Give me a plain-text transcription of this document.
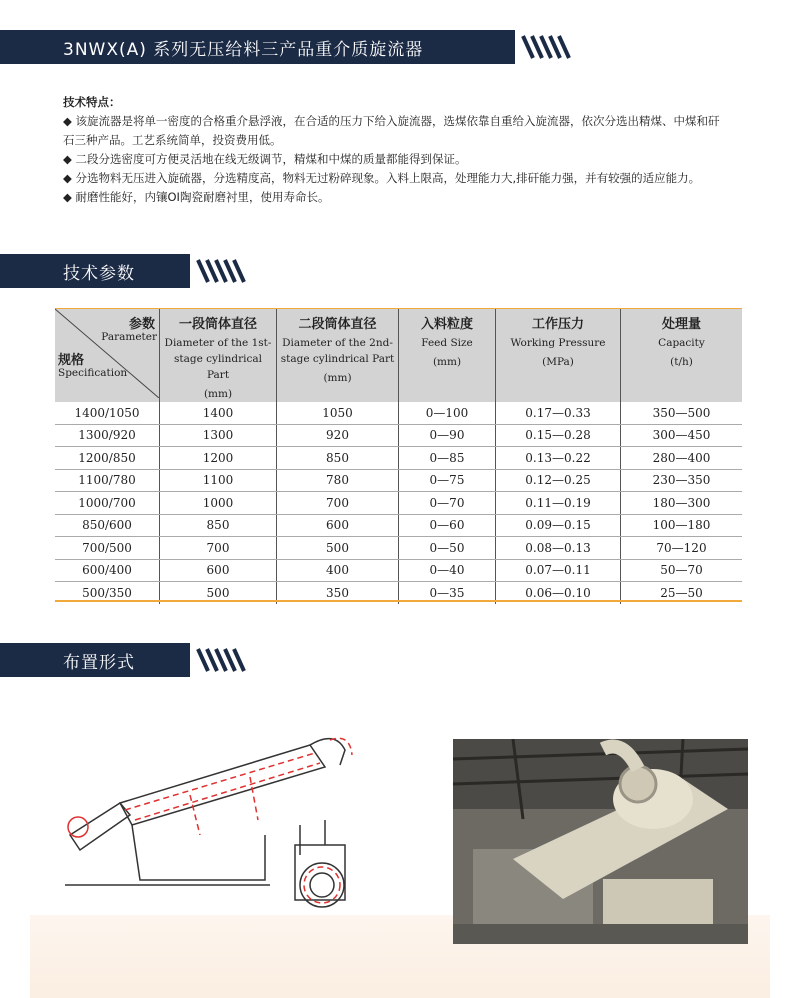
3NWX(A) 系列无压给料三产品重介质旋流器

技术特点：

◆ 该旋流器是将单一密度的合格重介悬浮液，在合适的压力下给入旋流器，选煤依靠自重给入旋流器，依次分选出精煤、中煤和矸石三种产品。工艺系统简单，投资费用低。

◆ 二段分选密度可方便灵活地在线无级调节，精煤和中煤的质量都能得到保证。

◆ 分选物料无压进入旋硫器，分选精度高，物料无过粉碎现象。入料上限高，处理能力大,排矸能力强，并有较强的适应能力。

◆ 耐磨性能好，内镶OI陶瓷耐磨衬里，使用寿命长。

技术参数
参数
Parameter
规格
Specification	一段筒体直径
Diameter of the 1st-stage cylindrical Part
(mm)	二段筒体直径
Diameter of the 2nd-stage cylindrical Part
(mm)	入料粒度
Feed Size
(mm)	工作压力
Working Pressure
(MPa)	处理量
Capacity
(t/h)

1400/1050	1400	1050	0—100	0.17—0.33	350—500
1300/920	1300	920	0—90	0.15—0.28	300—450
1200/850	1200	850	0—85	0.13—0.22	280—400
1100/780	1100	780	0—75	0.12—0.25	230—350
1000/700	1000	700	0—70	0.11—0.19	180—300
850/600	850	600	0—60	0.09—0.15	100—180
700/500	700	500	0—50	0.08—0.13	70—120
600/400	600	400	0—40	0.07—0.11	50—70
500/350	500	350	0—35	0.06—0.10	25—50
布置形式
